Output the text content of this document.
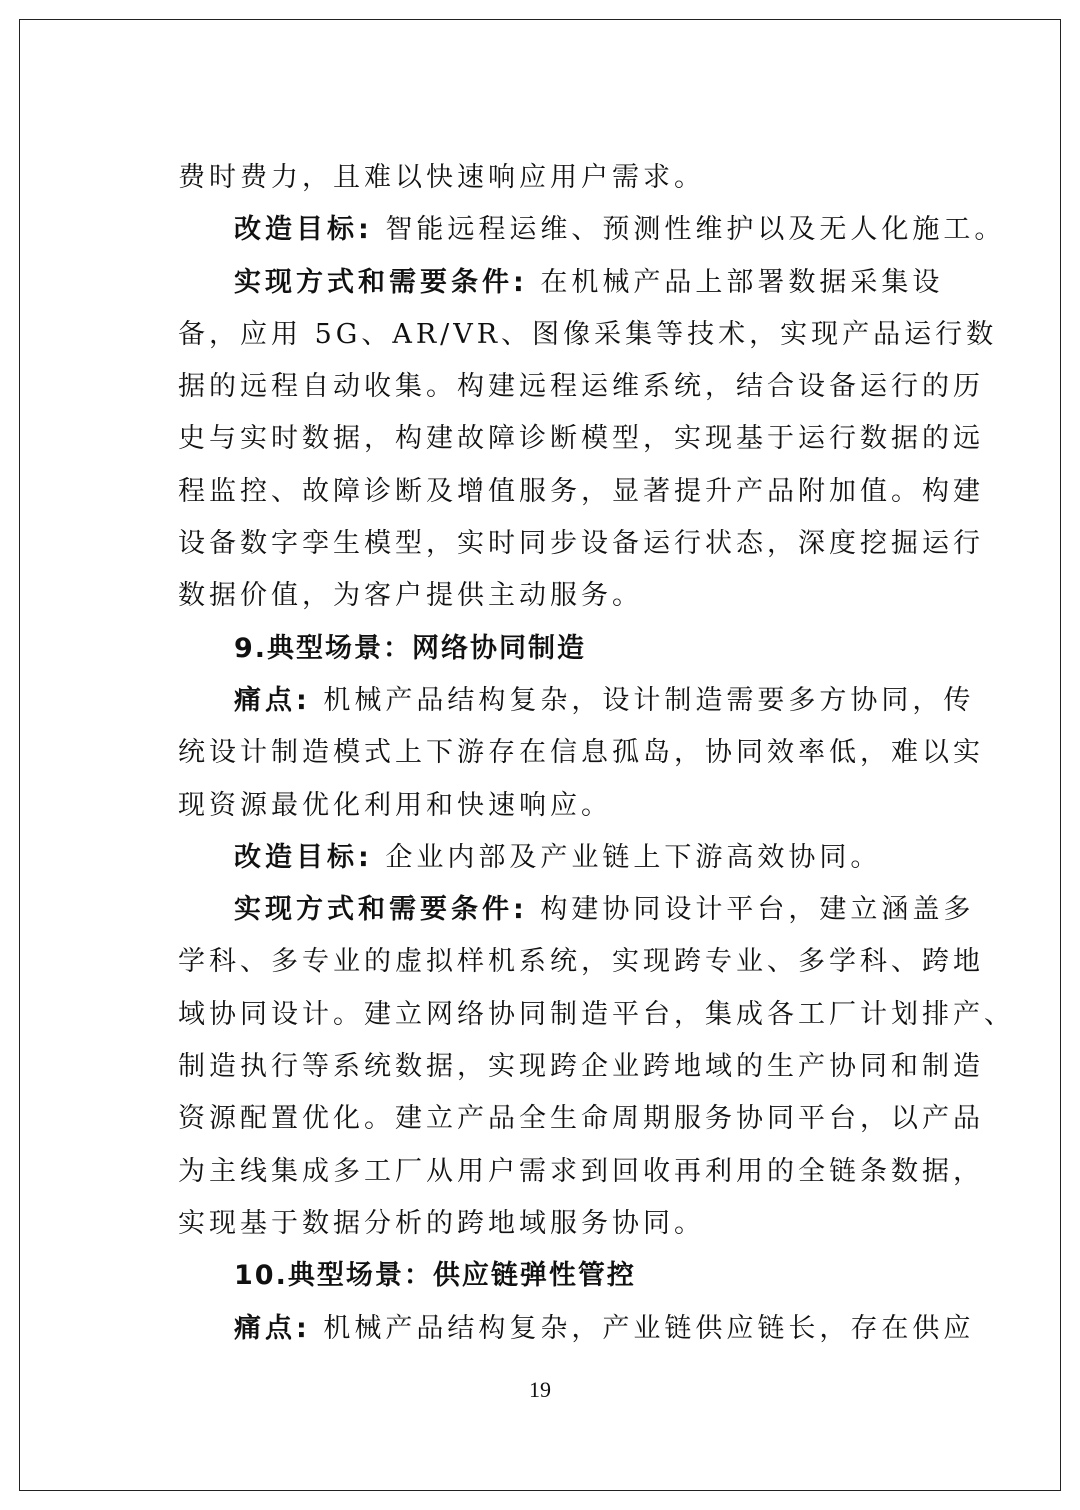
费时费力，且难以快速响应用户需求。
改造目标: 智能远程运维、预测性维护以及无人化施工。
实现方式和需要条件: 在机械产品上部署数据采集设
备，应用 5G、AR/VR、图像采集等技术，实现产品运行数
据的远程自动收集。构建远程运维系统，结合设备运行的历
史与实时数据，构建故障诊断模型，实现基于运行数据的远
程监控、故障诊断及增值服务，显著提升产品附加值。构建
设备数字孪生模型，实时同步设备运行状态，深度挖掘运行
数据价值，为客户提供主动服务。
9.典型场景：网络协同制造
痛点: 机械产品结构复杂，设计制造需要多方协同，传
统设计制造模式上下游存在信息孤岛，协同效率低，难以实
现资源最优化利用和快速响应。
改造目标: 企业内部及产业链上下游高效协同。
实现方式和需要条件: 构建协同设计平台，建立涵盖多
学科、多专业的虚拟样机系统，实现跨专业、多学科、跨地
域协同设计。建立网络协同制造平台，集成各工厂计划排产、
制造执行等系统数据，实现跨企业跨地域的生产协同和制造
资源配置优化。建立产品全生命周期服务协同平台，以产品
为主线集成多工厂从用户需求到回收再利用的全链条数据，
实现基于数据分析的跨地域服务协同。
10.典型场景：供应链弹性管控
痛点: 机械产品结构复杂，产业链供应链长，存在供应
19
